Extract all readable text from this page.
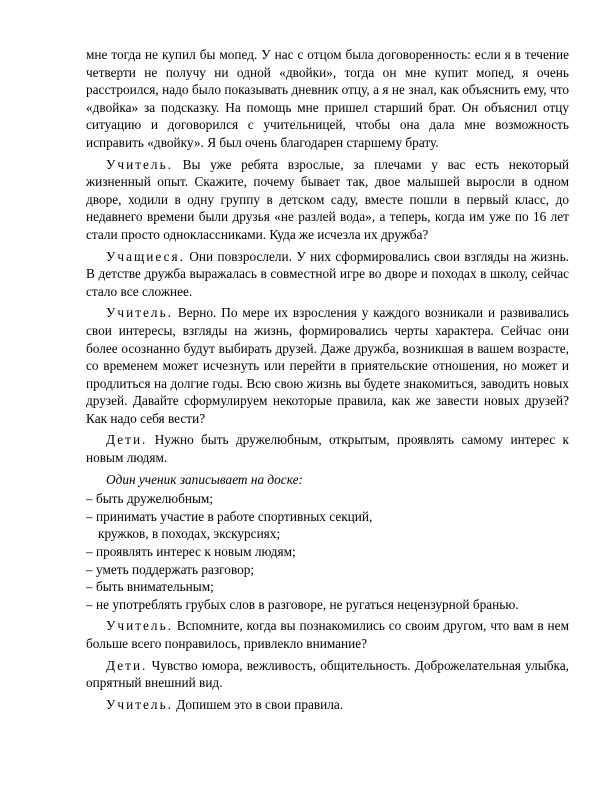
мне тогда не купил бы мопед. У нас с отцом была договоренность: если я в течение четверти не получу ни одной «двойки», тогда он мне купит мопед, я очень расстроился, надо было показывать дневник отцу, а я не знал, как объяснить ему, что «двойка» за подсказку. На помощь мне пришел старший брат. Он объяснил отцу ситуацию и договорился с учительницей, чтобы она дала мне возможность исправить «двойку». Я был очень благодарен старшему брату.

Учитель. Вы уже ребята взрослые, за плечами у вас есть некоторый жизненный опыт. Скажите, почему бывает так, двое малышей выросли в одном дворе, ходили в одну группу в детском саду, вместе пошли в первый класс, до недавнего времени были друзья «не разлей вода», а теперь, когда им уже по 16 лет стали просто одноклассниками. Куда же исчезла их дружба?

Учащиеся. Они повзрослели. У них сформировались свои взгляды на жизнь. В детстве дружба выражалась в совместной игре во дворе и походах в школу, сейчас стало все сложнее.

Учитель. Верно. По мере их взросления у каждого возникали и развивались свои интересы, взгляды на жизнь, формировались черты характера. Сейчас они более осознанно будут выбирать друзей. Даже дружба, возникшая в вашем возрасте, со временем может исчезнуть или перейти в приятельские отношения, но может и продлиться на долгие годы. Всю свою жизнь вы будете знакомиться, заводить новых друзей. Давайте сформулируем некоторые правила, как же завести новых друзей? Как надо себя вести?

Дети. Нужно быть дружелюбным, открытым, проявлять самому интерес к новым людям.

Один ученик записывает на доске:

– быть дружелюбным;
– принимать участие в работе спортивных секций,
кружков, в походах, экскурсиях;
– проявлять интерес к новым людям;
– уметь поддержать разговор;
– быть внимательным;
– не употреблять грубых слов в разговоре, не ругаться нецензурной бранью.

Учитель. Вспомните, когда вы познакомились со своим другом, что вам в нем больше всего понравилось, привлекло внимание?

Дети. Чувство юмора, вежливость, общительность. Доброжелательная улыбка, опрятный внешний вид.

Учитель. Допишем это в свои правила.
